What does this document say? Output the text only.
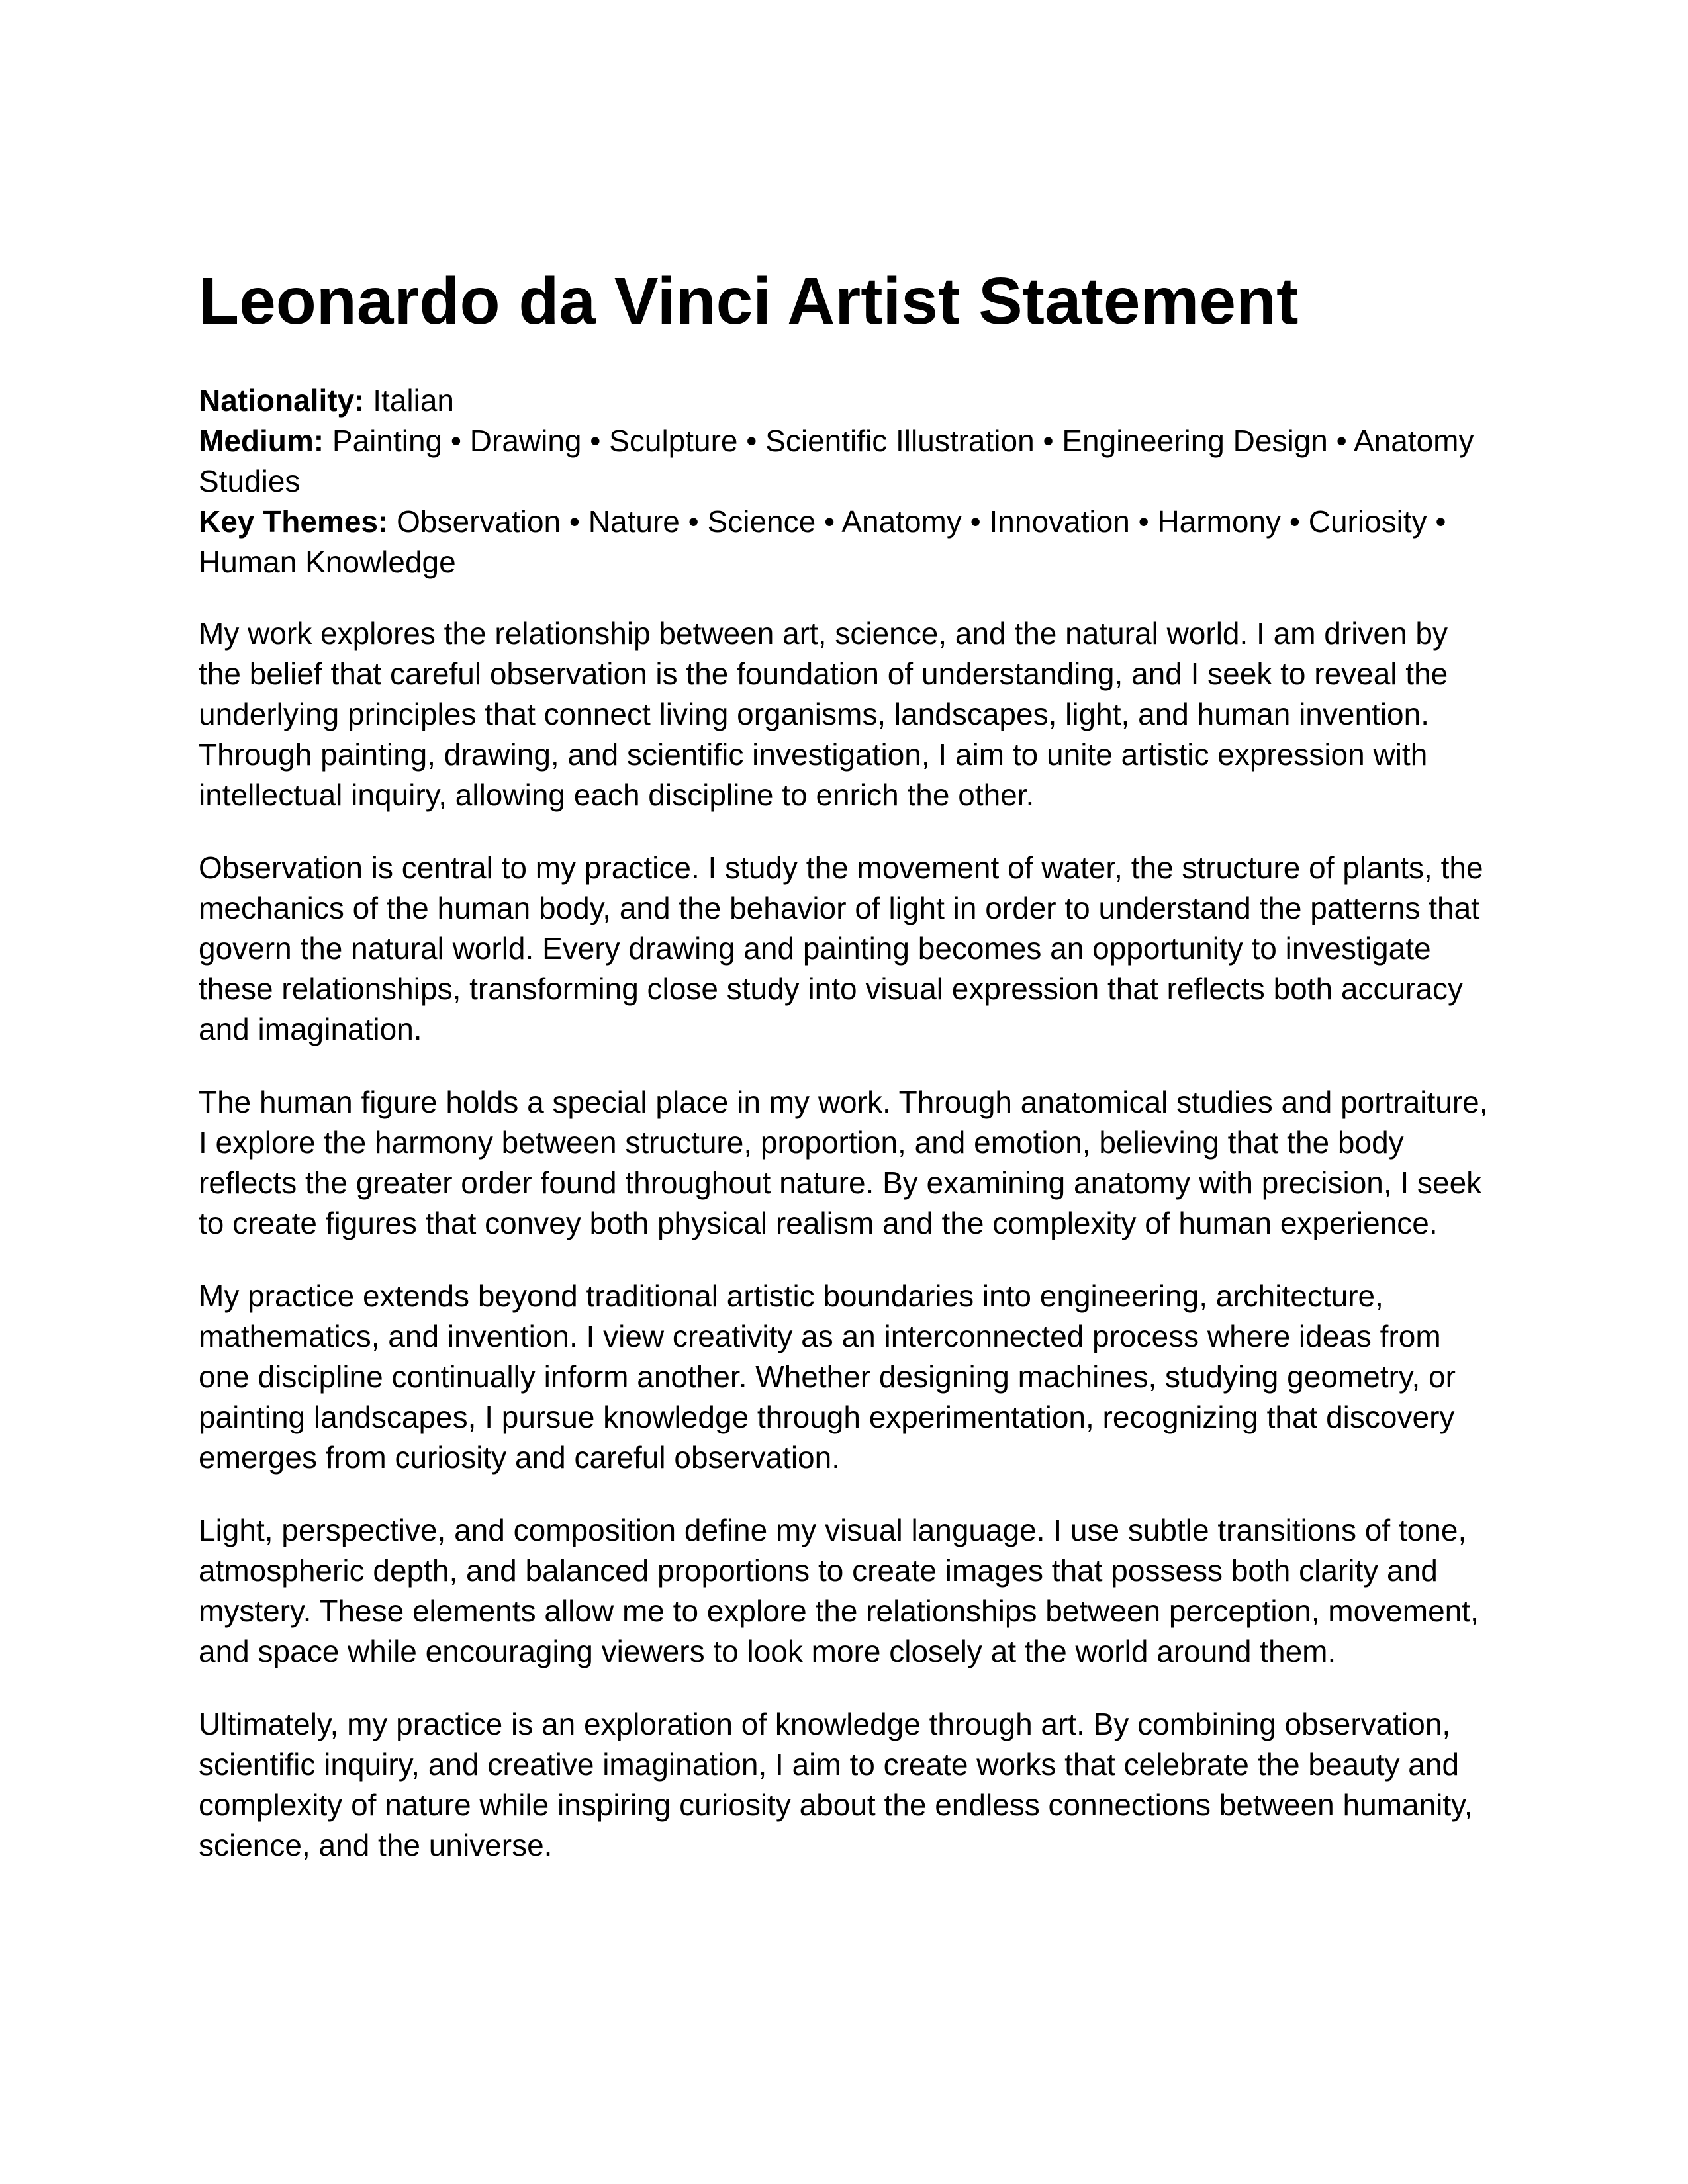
Leonardo da Vinci Artist Statement
Nationality: Italian
Medium: Painting • Drawing • Sculpture • Scientific Illustration • Engineering Design • Anatomy Studies
Key Themes: Observation • Nature • Science • Anatomy • Innovation • Harmony • Curiosity • Human Knowledge

My work explores the relationship between art, science, and the natural world. I am driven by the belief that careful observation is the foundation of understanding, and I seek to reveal the underlying principles that connect living organisms, landscapes, light, and human invention. Through painting, drawing, and scientific investigation, I aim to unite artistic expression with intellectual inquiry, allowing each discipline to enrich the other.

Observation is central to my practice. I study the movement of water, the structure of plants, the mechanics of the human body, and the behavior of light in order to understand the patterns that govern the natural world. Every drawing and painting becomes an opportunity to investigate these relationships, transforming close study into visual expression that reflects both accuracy and imagination.

The human figure holds a special place in my work. Through anatomical studies and portraiture, I explore the harmony between structure, proportion, and emotion, believing that the body reflects the greater order found throughout nature. By examining anatomy with precision, I seek to create figures that convey both physical realism and the complexity of human experience.

My practice extends beyond traditional artistic boundaries into engineering, architecture, mathematics, and invention. I view creativity as an interconnected process where ideas from one discipline continually inform another. Whether designing machines, studying geometry, or painting landscapes, I pursue knowledge through experimentation, recognizing that discovery emerges from curiosity and careful observation.

Light, perspective, and composition define my visual language. I use subtle transitions of tone, atmospheric depth, and balanced proportions to create images that possess both clarity and mystery. These elements allow me to explore the relationships between perception, movement, and space while encouraging viewers to look more closely at the world around them.

Ultimately, my practice is an exploration of knowledge through art. By combining observation, scientific inquiry, and creative imagination, I aim to create works that celebrate the beauty and complexity of nature while inspiring curiosity about the endless connections between humanity, science, and the universe.
